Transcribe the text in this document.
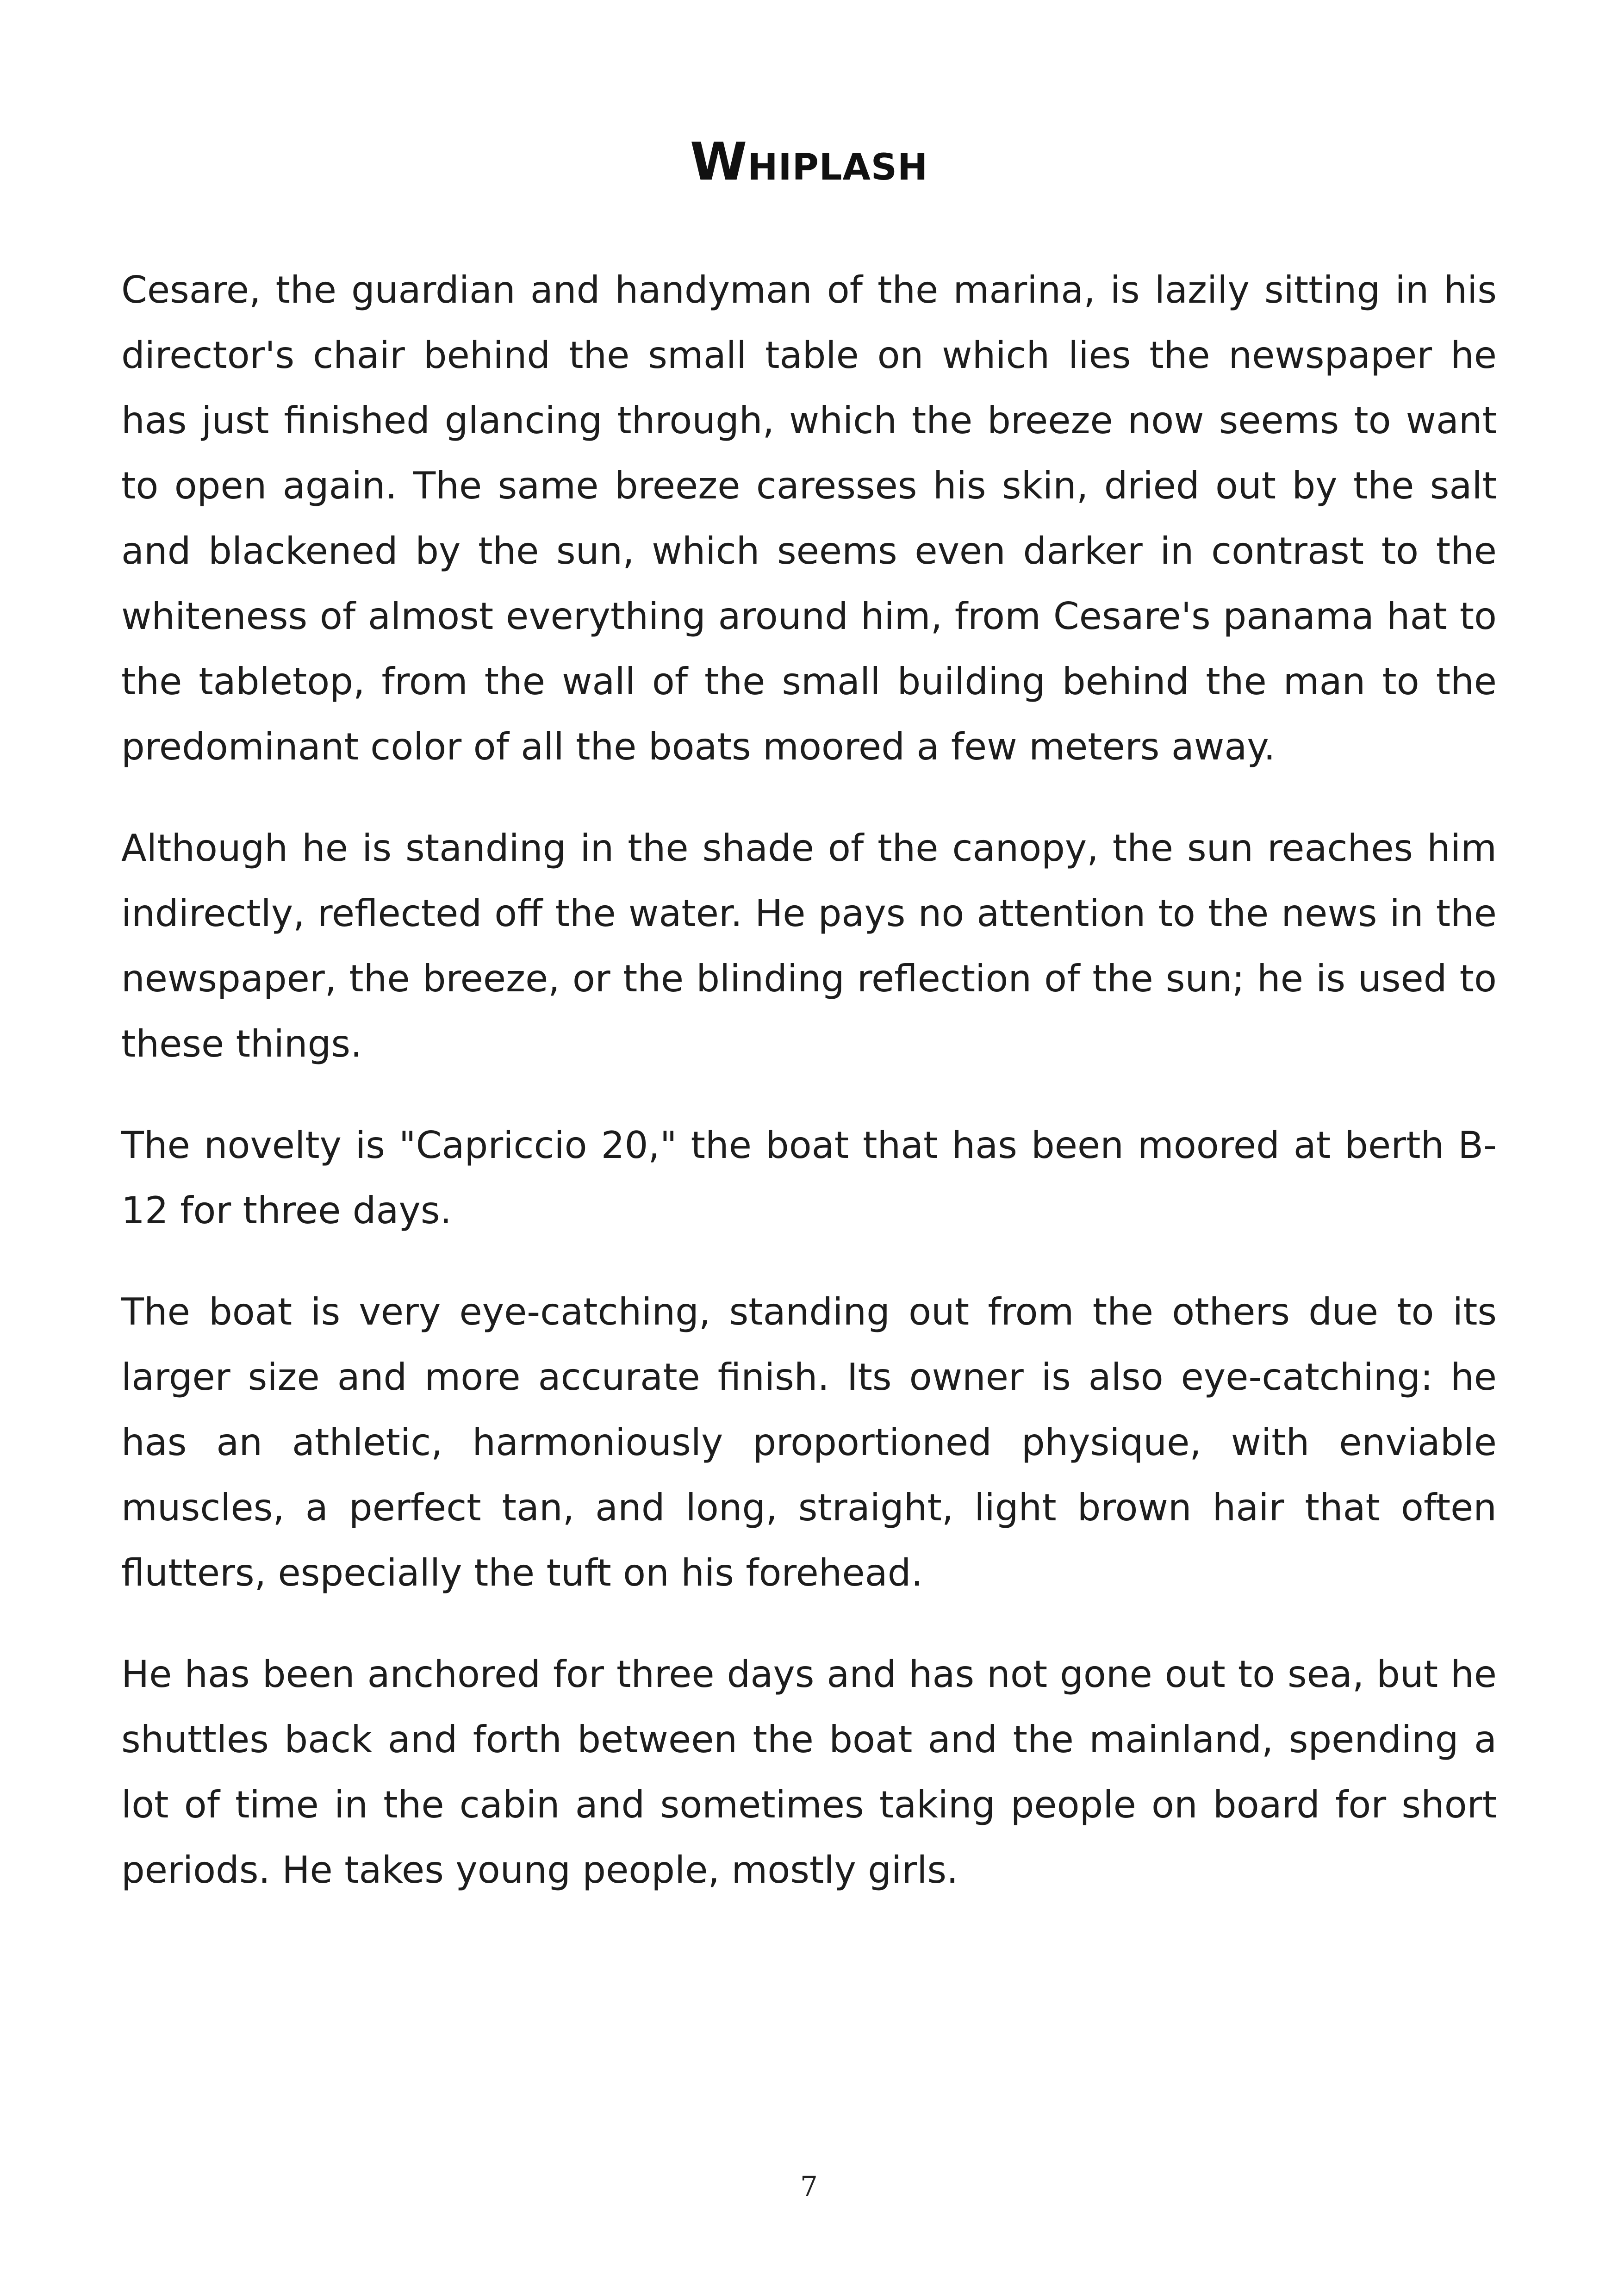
Whiplash

Cesare, the guardian and handyman of the marina, is lazily sitting in his director's chair behind the small table on which lies the newspaper he has just finished glancing through, which the breeze now seems to want to open again. The same breeze caresses his skin, dried out by the salt and blackened by the sun, which seems even darker in contrast to the whiteness of almost everything around him, from Cesare's panama hat to the tabletop, from the wall of the small building behind the man to the predominant color of all the boats moored a few meters away.

Although he is standing in the shade of the canopy, the sun reaches him indirectly, reflected off the water. He pays no attention to the news in the newspaper, the breeze, or the blinding reflection of the sun; he is used to these things.

The novelty is "Capriccio 20," the boat that has been moored at berth B-12 for three days.

The boat is very eye-catching, standing out from the others due to its larger size and more accurate finish. Its owner is also eye-catching: he has an athletic, harmoniously proportioned physique, with enviable muscles, a perfect tan, and long, straight, light brown hair that often flutters, especially the tuft on his forehead.

He has been anchored for three days and has not gone out to sea, but he shuttles back and forth between the boat and the mainland, spending a lot of time in the cabin and sometimes taking people on board for short periods. He takes young people, mostly girls.

7
